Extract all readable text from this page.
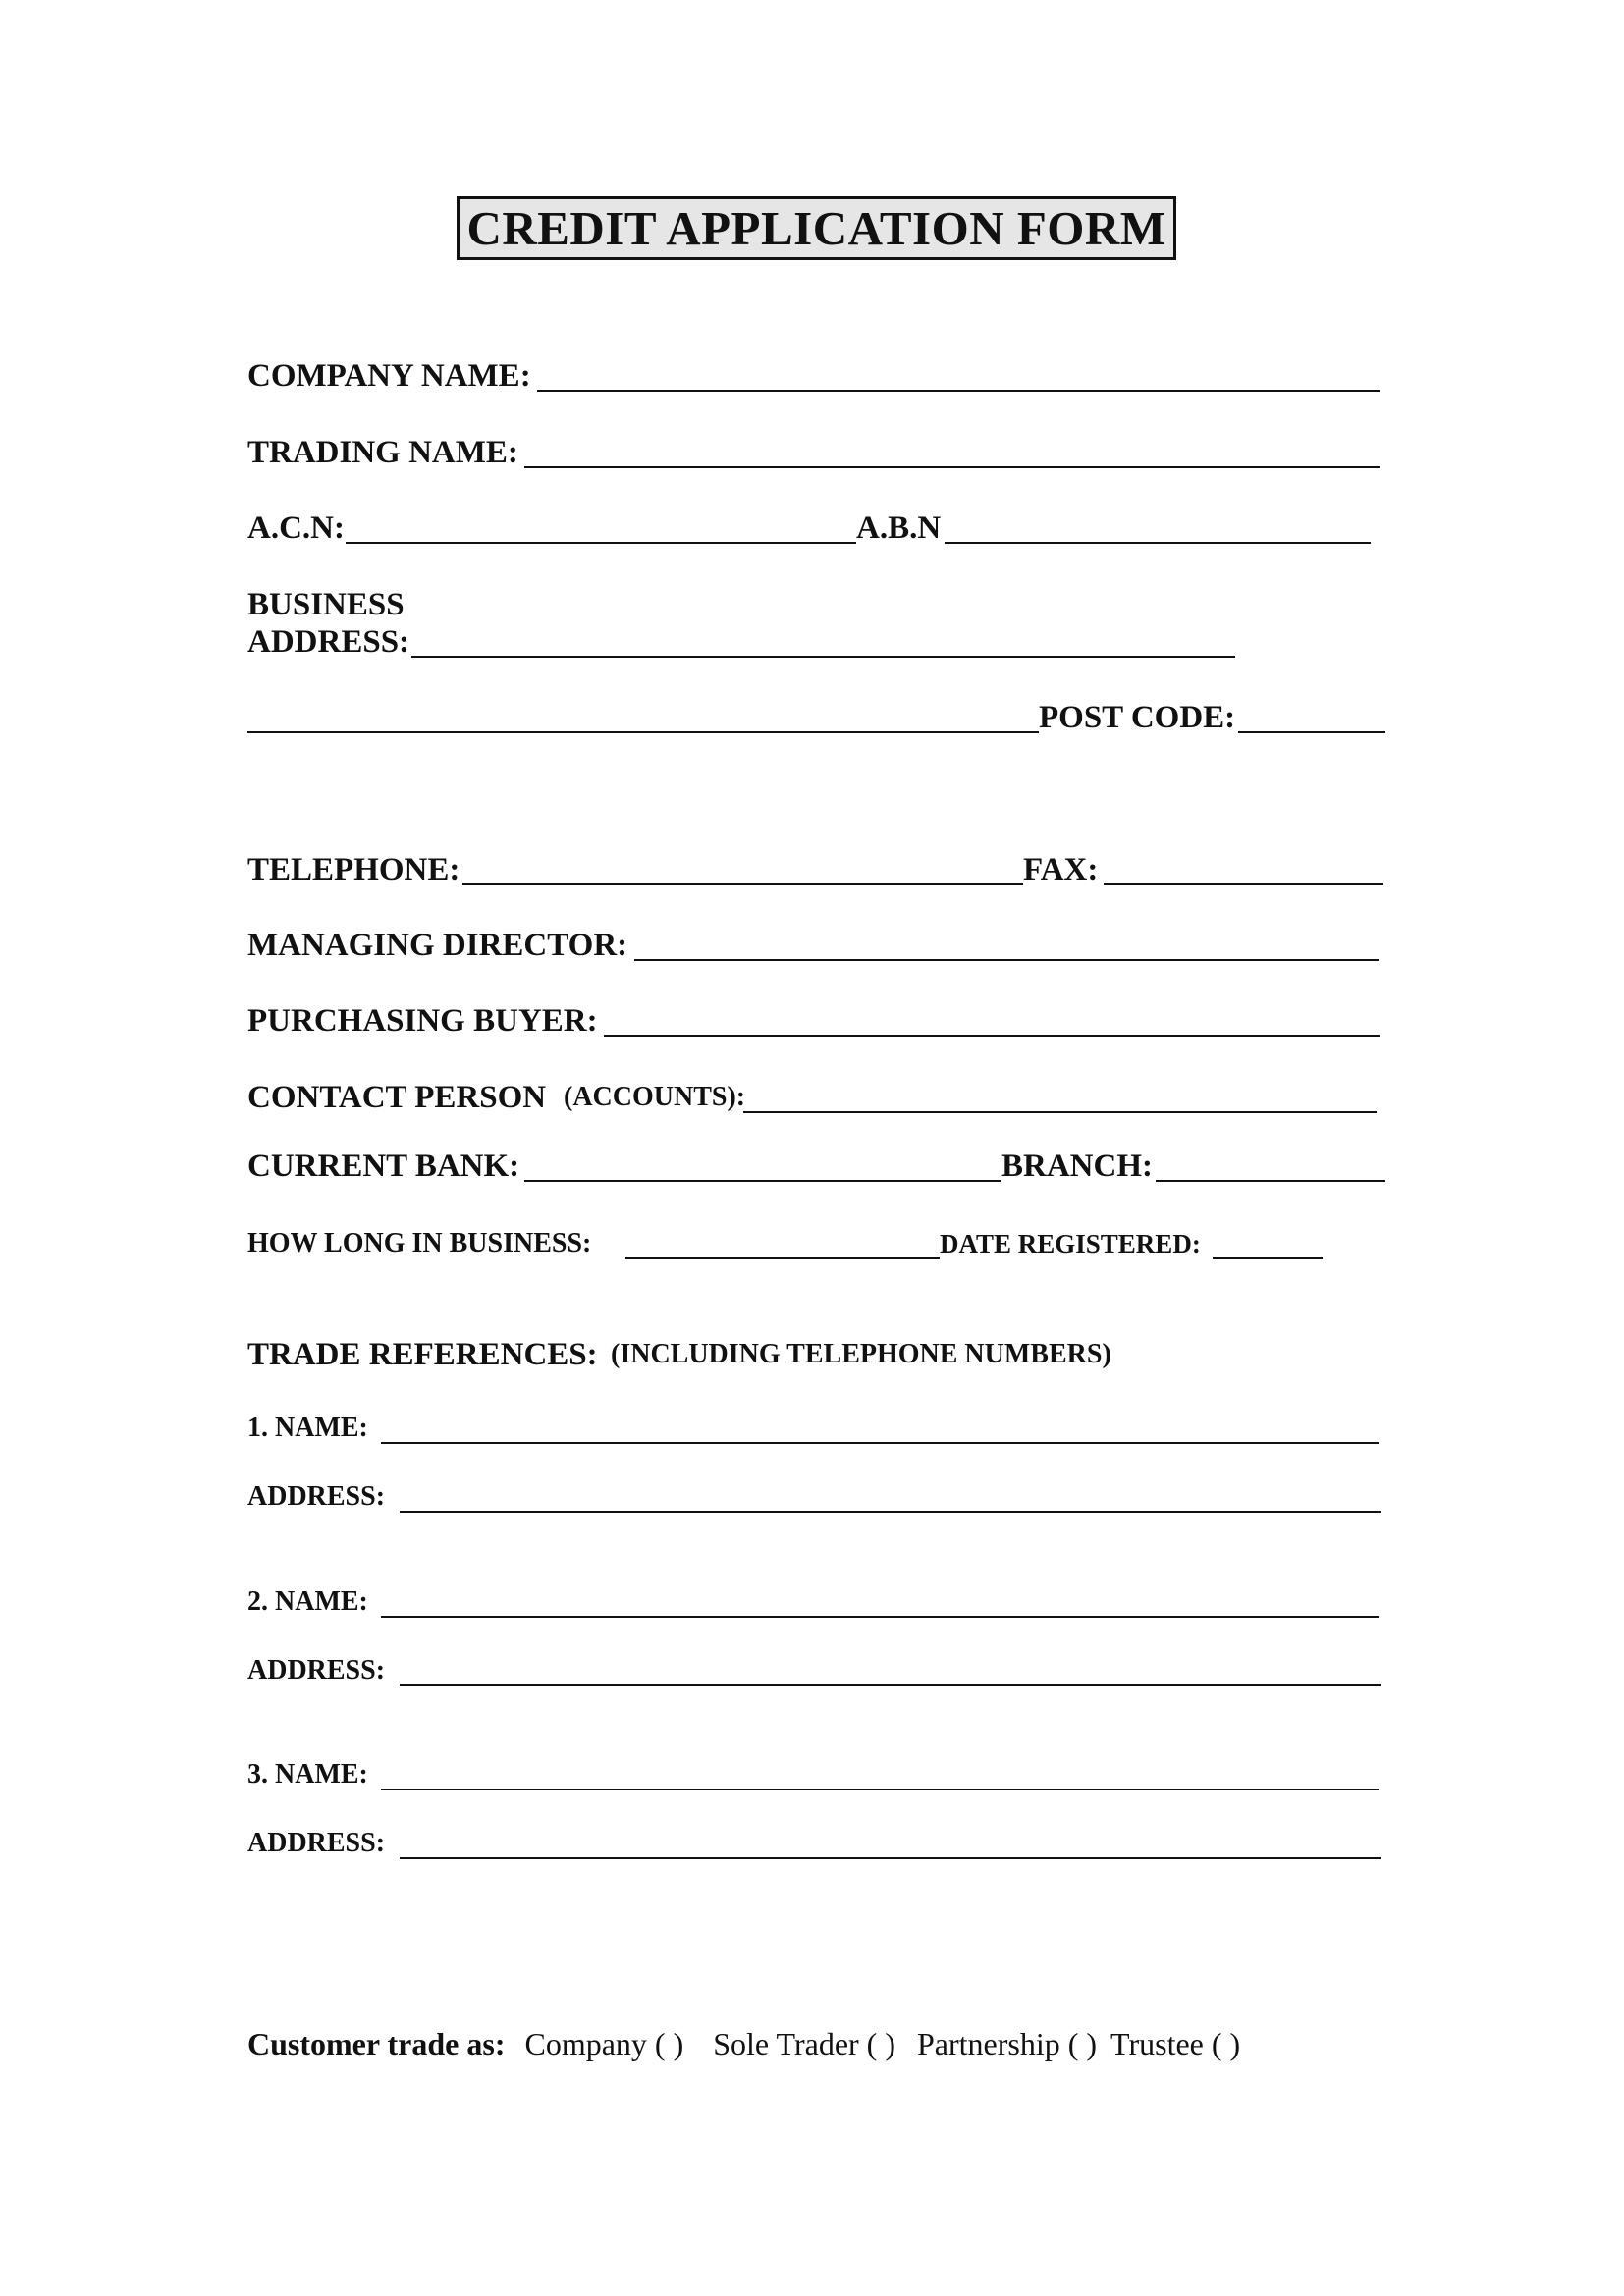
CREDIT APPLICATION FORM
COMPANY NAME:
TRADING NAME:
A.C.N:	A.B.N
BUSINESS
ADDRESS:
POST CODE:
TELEPHONE:	FAX:
MANAGING DIRECTOR:
PURCHASING BUYER:
CONTACT PERSON (ACCOUNTS):
CURRENT BANK:	BRANCH:
HOW LONG IN BUSINESS:	DATE REGISTERED:
TRADE REFERENCES: (INCLUDING TELEPHONE NUMBERS)
1. NAME:
ADDRESS:
2. NAME:
ADDRESS:
3. NAME:
ADDRESS:
Customer trade as: Company ( ) Sole Trader ( ) Partnership ( ) Trustee ( )
